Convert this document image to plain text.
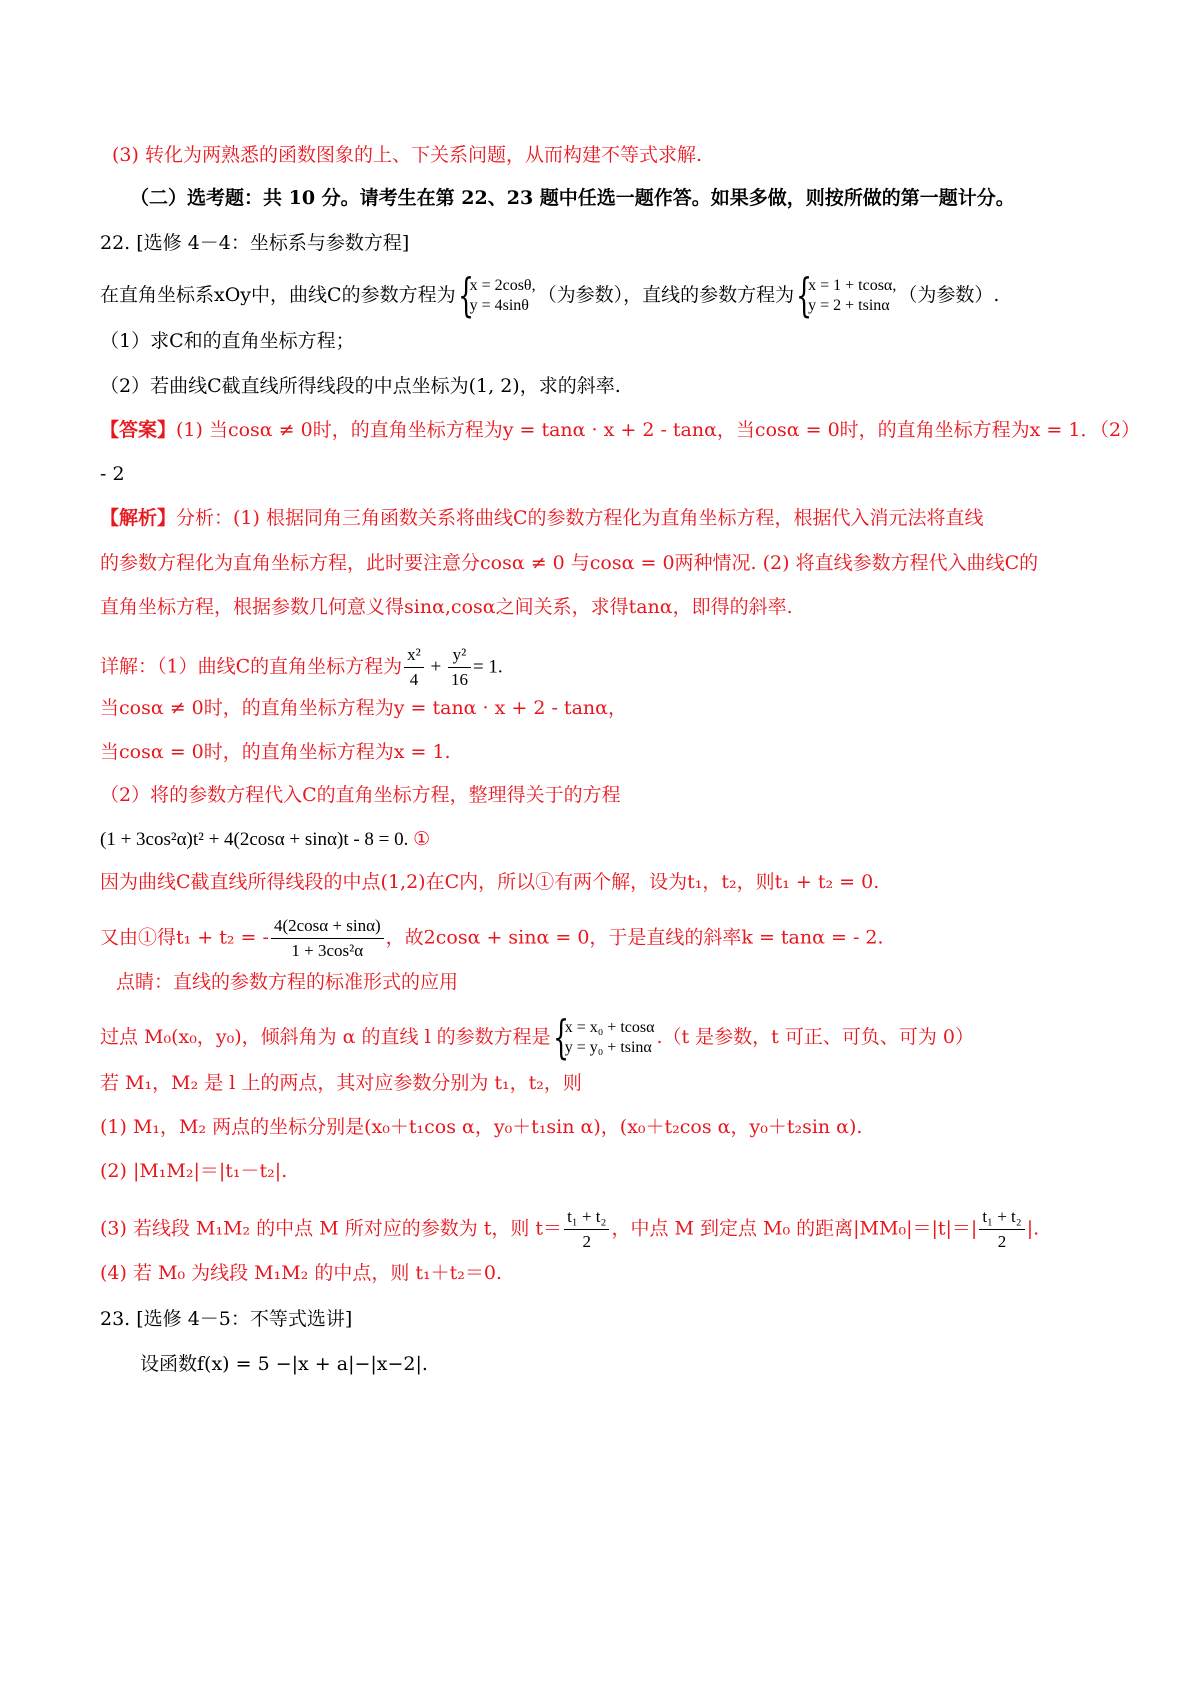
(3) 转化为两熟悉的函数图象的上、下关系问题，从而构建不等式求解.
（二）选考题：共 10 分。请考生在第 22、23 题中任选一题作答。如果多做，则按所做的第一题计分。
22. [选修 4－4：坐标系与参数方程]
在直角坐标系xOy中，曲线C的参数方程为 {
x = 2cosθ,
y = 4sinθ （为参数），直线的参数方程为 {
x = 1 + tcosα,
y = 2 + tsinα （为参数）.
（1）求C和的直角坐标方程；
（2）若曲线C截直线所得线段的中点坐标为(1, 2)，求的斜率.
【答案】(1) 当cosα ≠ 0时，的直角坐标方程为y = tanα · x + 2 - tanα，当cosα = 0时，的直角坐标方程为x = 1．（2）
- 2
【解析】分析：(1) 根据同角三角函数关系将曲线C的参数方程化为直角坐标方程，根据代入消元法将直线
的参数方程化为直角坐标方程，此时要注意分cosα ≠ 0 与cosα = 0两种情况. (2) 将直线参数方程代入曲线C的
直角坐标方程，根据参数几何意义得sinα,cosα之间关系，求得tanα，即得的斜率.
详解：（1）曲线C的直角坐标方程为 $\frac{\text{x²}}{4} + \frac{\text{y²}}{16} = 1$.
当cosα ≠ 0时，的直角坐标方程为y = tanα · x + 2 - tanα，
当cosα = 0时，的直角坐标方程为x = 1.
（2）将的参数方程代入C的直角坐标方程，整理得关于的方程
(1 + 3cos²α)t² + 4(2cosα + sinα)t - 8 = 0. ①
因为曲线C截直线所得线段的中点(1,2)在C内，所以①有两个解，设为t₁，t₂，则t₁ + t₂ = 0.
又由①得t₁ + t₂ = - $\frac{4(2\cos\alpha + \sin\alpha)}{\text{1 + 3cos²α}}$ ，故2cosα + sinα = 0，于是直线的斜率k = tanα = - 2.
点睛：直线的参数方程的标准形式的应用
过点 M₀(x₀，y₀)，倾斜角为 α 的直线 l 的参数方程是 {
x = x₀ + tcosα
y = y₀ + tsinα .（t 是参数，t 可正、可负、可为 0）
若 M₁，M₂ 是 l 上的两点，其对应参数分别为 t₁，t₂，则
(1) M₁，M₂ 两点的坐标分别是(x₀＋t₁cos α，y₀＋t₁sin α)，(x₀＋t₂cos α，y₀＋t₂sin α).
(2) |M₁M₂|＝|t₁－t₂|.
(3) 若线段 M₁M₂ 的中点 M 所对应的参数为 t，则 $t= \frac{\text{t₁ + t₂}}{2}$ ，中点 M 到定点 M₀ 的距离$|MM_0|=|t|=| \frac{\text{t₁ + t₂}}{2}$ |.
(4) 若 M₀ 为线段 M₁M₂ 的中点，则 t₁＋t₂＝0.
23. [选修 4－5：不等式选讲]
设函数f(x) = 5 −|x + a|−|x−2|.
